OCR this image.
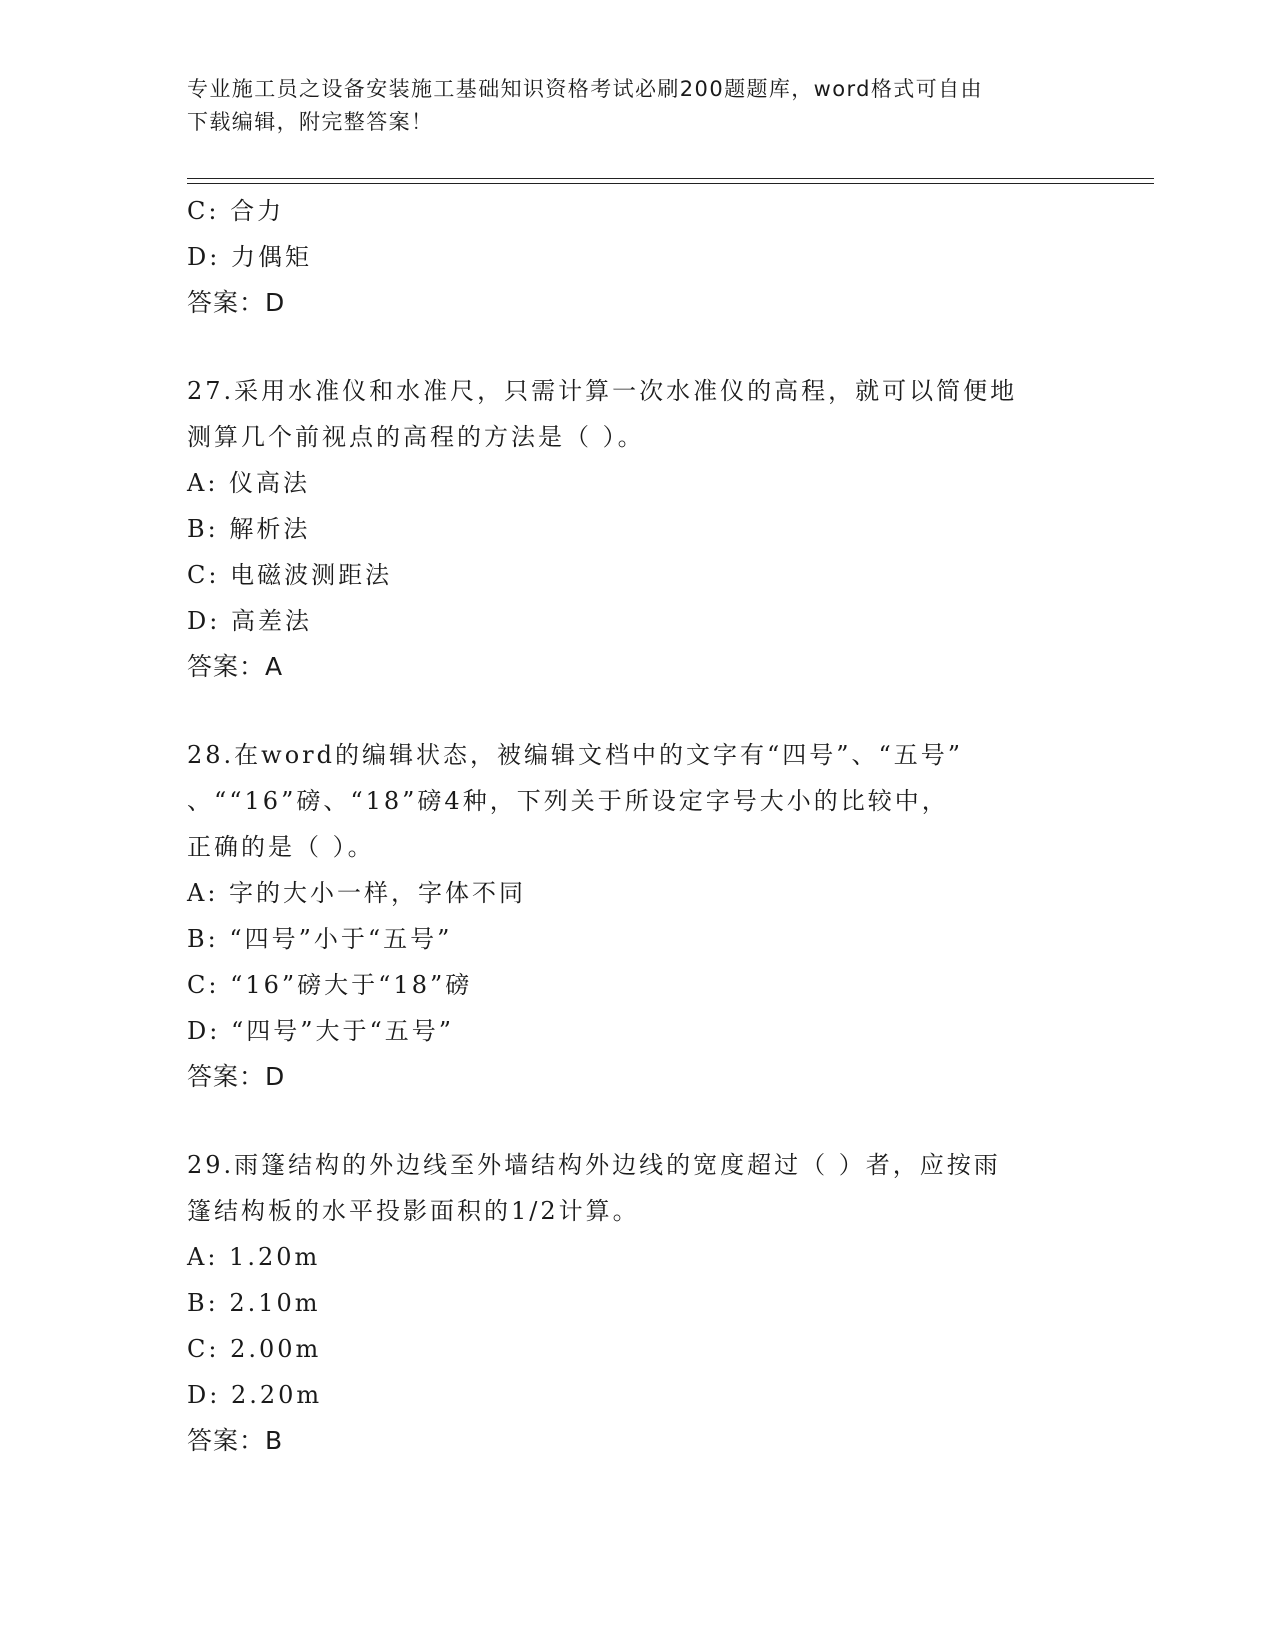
专业施工员之设备安装施工基础知识资格考试必刷200题题库，word格式可自由
下载编辑，附完整答案！
C: 合力
D: 力偶矩
答案：D
27.采用水准仪和水准尺，只需计算一次水准仪的高程，就可以简便地
测算几个前视点的高程的方法是（ ）。
A: 仪高法
B: 解析法
C: 电磁波测距法
D: 高差法
答案：A
28.在word的编辑状态，被编辑文档中的文字有“四号”、“五号”
、““16”磅、“18”磅4种，下列关于所设定字号大小的比较中，
正确的是（ ）。
A: 字的大小一样，字体不同
B: “四号”小于“五号”
C: “16”磅大于“18”磅
D: “四号”大于“五号”
答案：D
29.雨篷结构的外边线至外墙结构外边线的宽度超过（ ）者，应按雨
篷结构板的水平投影面积的1/2计算。
A: 1.20m
B: 2.10m
C: 2.00m
D: 2.20m
答案：B
